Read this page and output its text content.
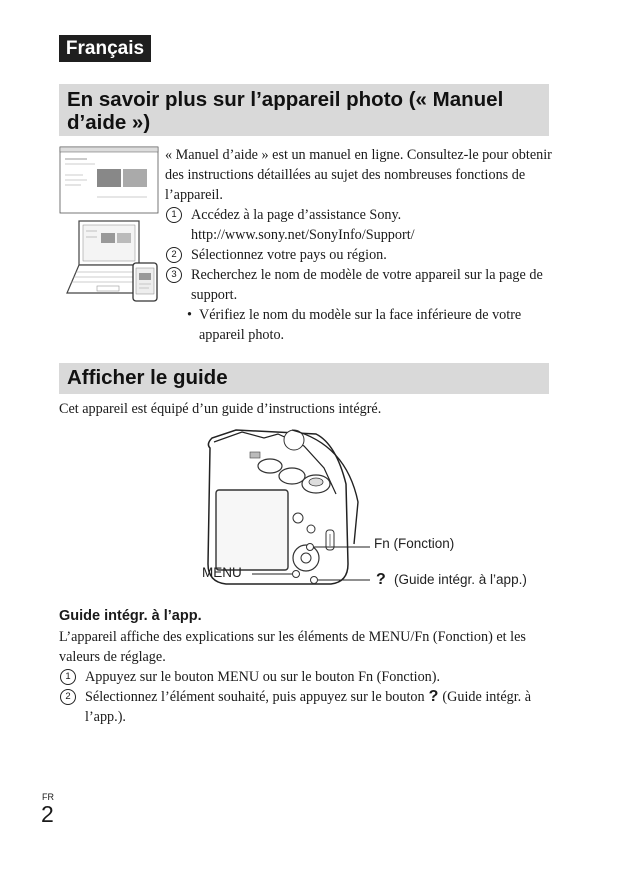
Français
En savoir plus sur l’appareil photo (« Manuel d’aide »)
« Manuel d’aide » est un manuel en ligne. Consultez-le pour obtenir des instructions détaillées au sujet des nombreuses fonctions de l’appareil.
1	Accédez à la page d’assistance Sony.
http://www.sony.net/SonyInfo/Support/
2	Sélectionnez votre pays ou région.
3	Recherchez le nom de modèle de votre appareil sur la page de support.
• Vérifiez le nom du modèle sur la face inférieure de votre appareil photo.
Afficher le guide
Cet appareil est équipé d’un guide d’instructions intégré.
Fn (Fonction)
MENU	? (Guide intégr. à l’app.)
Guide intégr. à l’app.
L’appareil affiche des explications sur les éléments de MENU/Fn (Fonction) et les valeurs de réglage.
1	Appuyez sur le bouton MENU ou sur le bouton Fn (Fonction).
2	Sélectionnez l’élément souhaité, puis appuyez sur le bouton ? (Guide intégr. à l’app.).
FR
2
